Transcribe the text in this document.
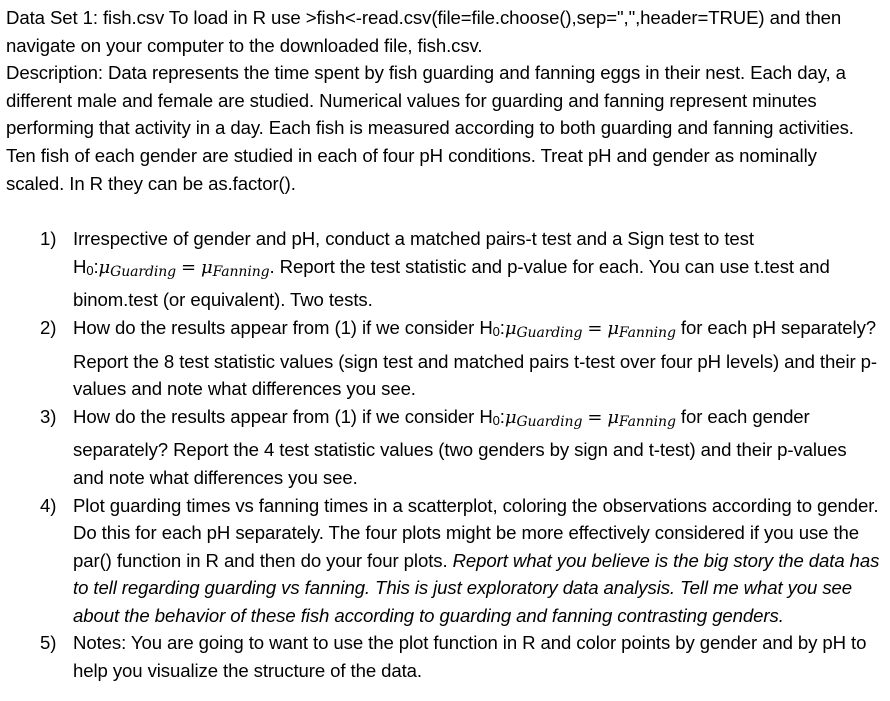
Data Set 1: fish.csv To load in R use >fish<-read.csv(file=file.choose(),sep=",",header=TRUE) and then navigate on your computer to the downloaded file, fish.csv.

Description: Data represents the time spent by fish guarding and fanning eggs in their nest. Each day, a different male and female are studied. Numerical values for guarding and fanning represent minutes performing that activity in a day. Each fish is measured according to both guarding and fanning activities. Ten fish of each gender are studied in each of four pH conditions. Treat pH and gender as nominally scaled. In R they can be as.factor().

1) Irrespective of gender and pH, conduct a matched pairs-t test and a Sign test to test $H0:\mu_{Guarding} = \mu_{Fanning}$. Report the test statistic and p-value for each. You can use t.test and binom.test (or equivalent). Two tests.
2) How do the results appear from (1) if we consider $H0:\mu_{Guarding} = \mu_{Fanning}$ for each pH separately? Report the 8 test statistic values (sign test and matched pairs t-test over four pH levels) and their p-values and note what differences you see.
3) How do the results appear from (1) if we consider $H0:\mu_{Guarding} = \mu_{Fanning}$ for each gender separately? Report the 4 test statistic values (two genders by sign and t-test) and their p-values and note what differences you see.
4) Plot guarding times vs fanning times in a scatterplot, coloring the observations according to gender. Do this for each pH separately. The four plots might be more effectively considered if you use the par() function in R and then do your four plots. Report what you believe is the big story the data has to tell regarding guarding vs fanning. This is just exploratory data analysis. Tell me what you see about the behavior of these fish according to guarding and fanning contrasting genders.
5) Notes: You are going to want to use the plot function in R and color points by gender and by pH to help you visualize the structure of the data.
